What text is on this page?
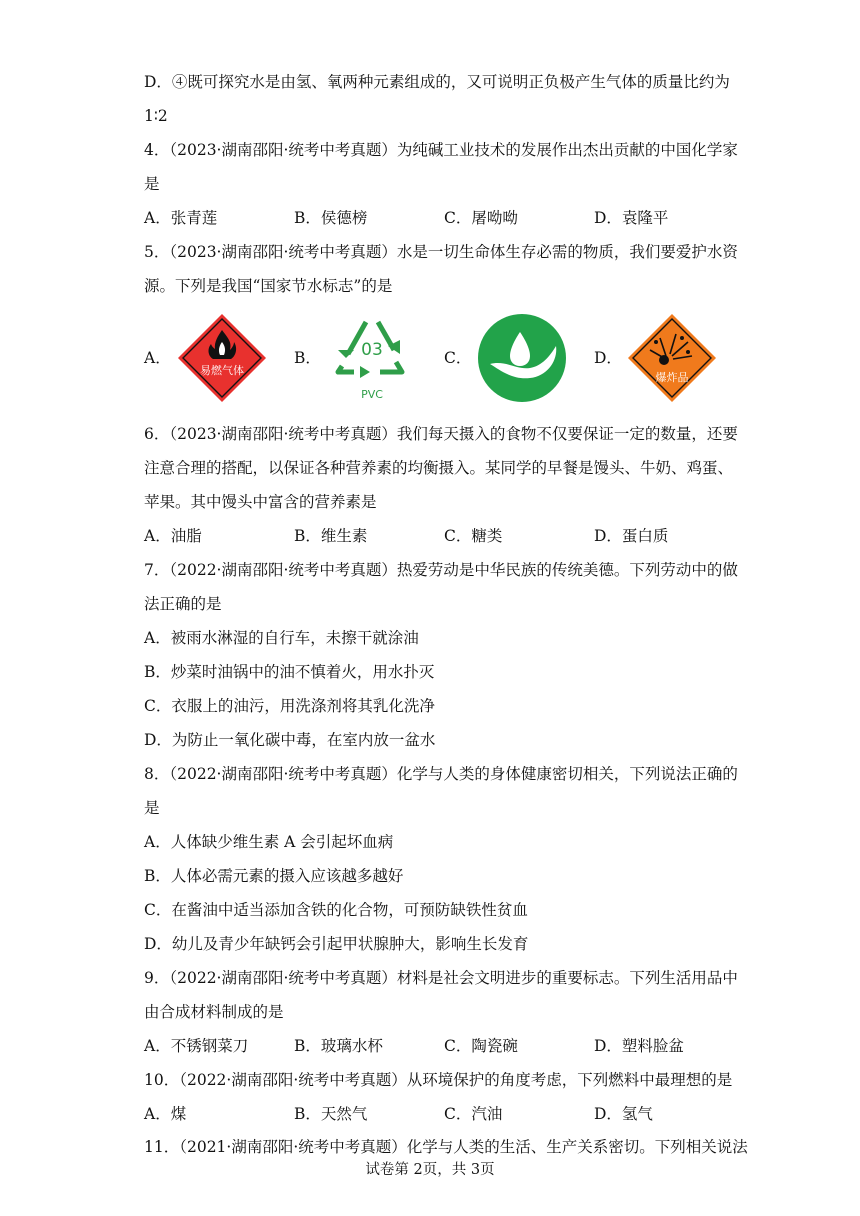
D．④既可探究水是由氢、氧两种元素组成的，又可说明正负极产生气体的质量比约为
1∶2
4．（2023·湖南邵阳·统考中考真题）为纯碱工业技术的发展作出杰出贡献的中国化学家
是
A．张青莲	B．侯德榜	C．屠呦呦	D．袁隆平
5．（2023·湖南邵阳·统考中考真题）水是一切生命体生存必需的物质，我们要爱护水资
源。下列是我国“国家节水标志”的是
A．
易燃气体
B． 03
PVC
C．	D．
爆炸品
6．（2023·湖南邵阳·统考中考真题）我们每天摄入的食物不仅要保证一定的数量，还要
注意合理的搭配，以保证各种营养素的均衡摄入。某同学的早餐是馒头、牛奶、鸡蛋、
苹果。其中馒头中富含的营养素是
A．油脂	B．维生素	C．糖类	D．蛋白质
7．（2022·湖南邵阳·统考中考真题）热爱劳动是中华民族的传统美德。下列劳动中的做
法正确的是
A．被雨水淋湿的自行车，未擦干就涂油
B．炒菜时油锅中的油不慎着火，用水扑灭
C．衣服上的油污，用洗涤剂将其乳化洗净
D．为防止一氧化碳中毒，在室内放一盆水
8．（2022·湖南邵阳·统考中考真题）化学与人类的身体健康密切相关，下列说法正确的
是
A．人体缺少维生素 A 会引起坏血病
B．人体必需元素的摄入应该越多越好
C．在酱油中适当添加含铁的化合物，可预防缺铁性贫血
D．幼儿及青少年缺钙会引起甲状腺肿大，影响生长发育
9．（2022·湖南邵阳·统考中考真题）材料是社会文明进步的重要标志。下列生活用品中
由合成材料制成的是
A．不锈钢菜刀	B．玻璃水杯	C．陶瓷碗	D．塑料脸盆
10．（2022·湖南邵阳·统考中考真题）从环境保护的角度考虑，下列燃料中最理想的是
A．煤	B．天然气	C．汽油	D．氢气
11．（2021·湖南邵阳·统考中考真题）化学与人类的生活、生产关系密切。下列相关说法
试卷第 2页，共 3页
